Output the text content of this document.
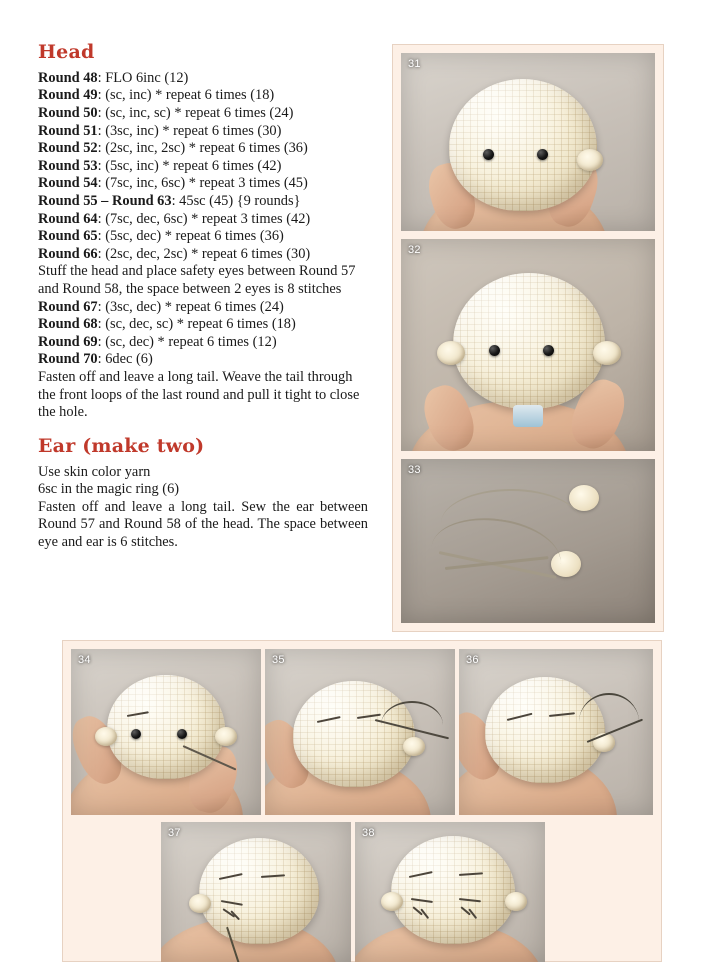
Head

Round 48: FLO 6inc (12)

Round 49: (sc, inc) * repeat 6 times (18)

Round 50: (sc, inc, sc) * repeat 6 times (24)

Round 51: (3sc, inc) * repeat 6 times (30)

Round 52: (2sc, inc, 2sc) * repeat 6 times (36)

Round 53: (5sc, inc) * repeat 6 times (42)

Round 54: (7sc, inc, 6sc) * repeat 3 times (45)

Round 55 – Round 63: 45sc (45) {9 rounds}

Round 64: (7sc, dec, 6sc) * repeat 3 times (42)

Round 65: (5sc, dec) * repeat 6 times (36)

Round 66: (2sc, dec, 2sc) * repeat 6 times (30)

Stuff the head and place safety eyes between Round 57 and Round 58, the space between 2 eyes is 8 stitches

Round 67: (3sc, dec) * repeat 6 times (24)

Round 68: (sc, dec, sc) * repeat 6 times (18)

Round 69: (sc, dec) * repeat 6 times (12)

Round 70: 6dec (6)

Fasten off and leave a long tail. Weave the tail through the front loops of the last round and pull it tight to close the hole.

Ear (make two)

Use skin color yarn

6sc in the magic ring (6)

Fasten off and leave a long tail. Sew the ear between Round 57 and Round 58 of the head. The space between eye and ear is 6 stitches.

31
32
33
34	35	36
37	38
